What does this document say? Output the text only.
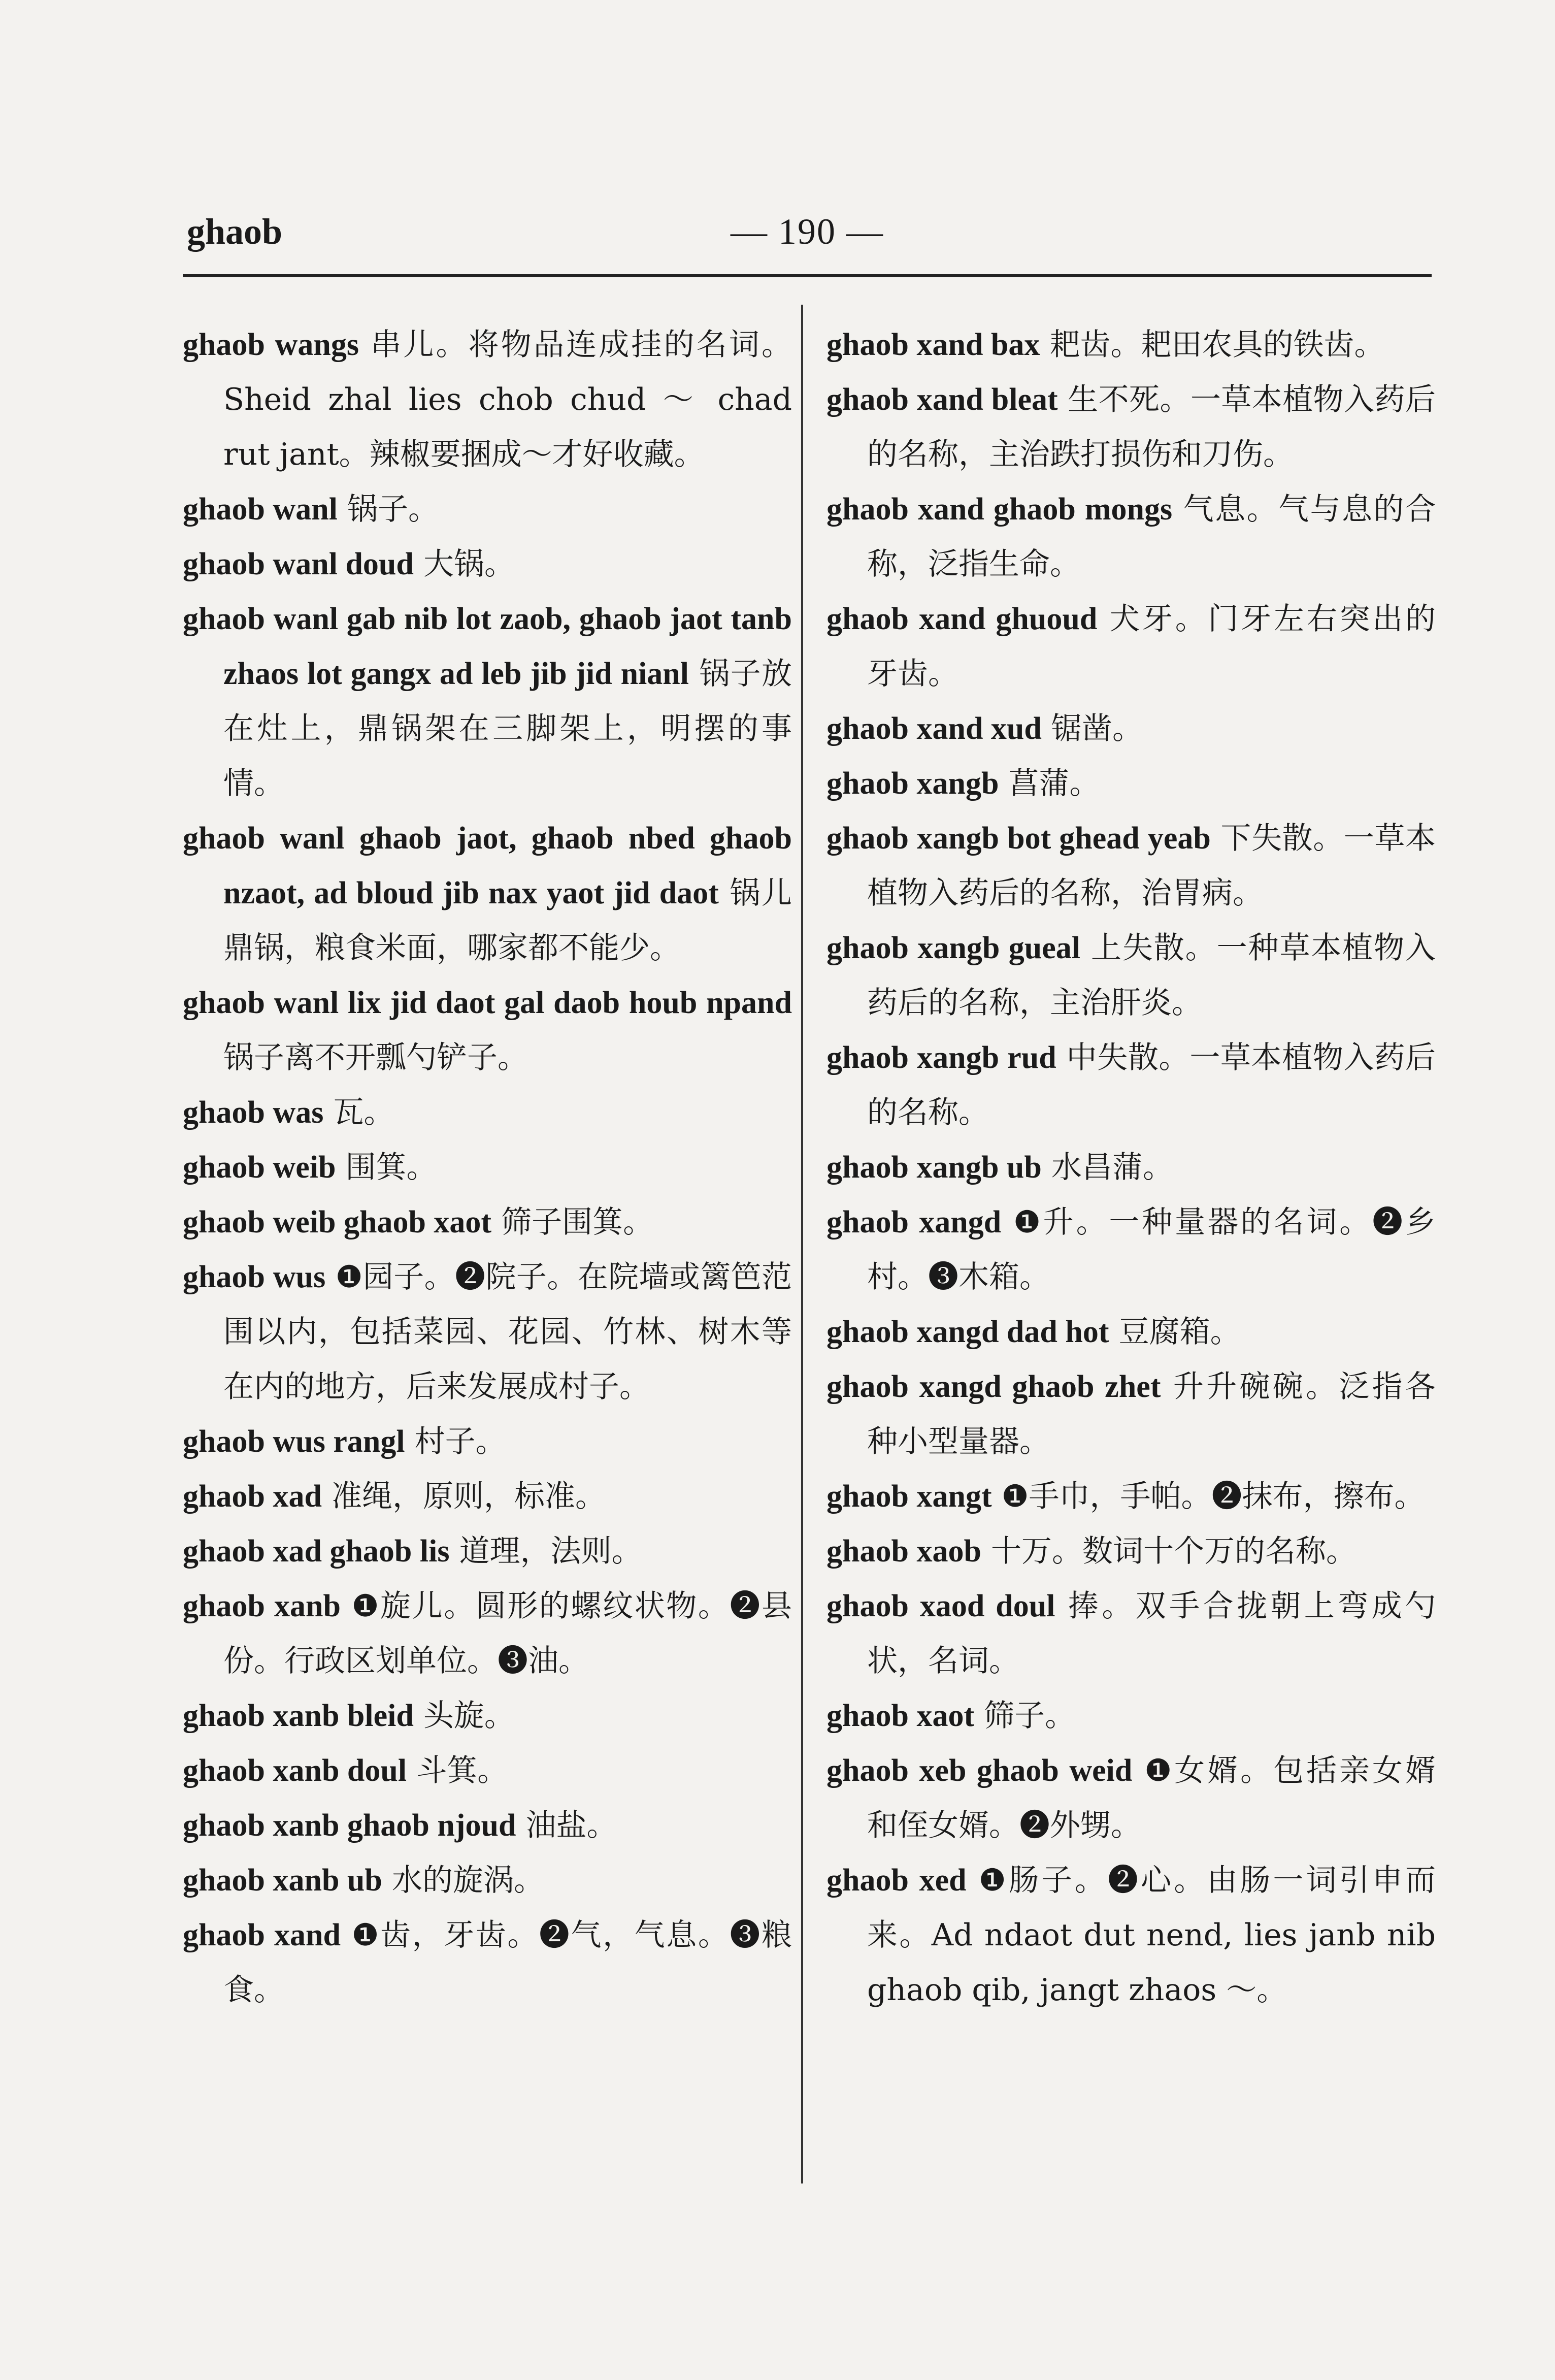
ghaob	— 190 —
ghaob wangs 串儿。将物品连成挂的名词。Sheid zhal lies chob chud ～ chad rut jant。辣椒要捆成～才好收藏。
ghaob wanl 锅子。
ghaob wanl doud 大锅。
ghaob wanl gab nib lot zaob, ghaob jaot tanb zhaos lot gangx ad leb jib jid nianl 锅子放在灶上，鼎锅架在三脚架上，明摆的事情。
ghaob wanl ghaob jaot, ghaob nbed ghaob nzaot, ad bloud jib nax yaot jid daot 锅儿鼎锅，粮食米面，哪家都不能少。
ghaob wanl lix jid daot gal daob houb npand 锅子离不开瓢勺铲子。
ghaob was 瓦。
ghaob weib 围箕。
ghaob weib ghaob xaot 筛子围箕。
ghaob wus ❶园子。❷院子。在院墙或篱笆范围以内，包括菜园、花园、竹林、树木等在内的地方，后来发展成村子。
ghaob wus rangl 村子。
ghaob xad 准绳，原则，标准。
ghaob xad ghaob lis 道理，法则。
ghaob xanb ❶旋儿。圆形的螺纹状物。❷县份。行政区划单位。❸油。
ghaob xanb bleid 头旋。
ghaob xanb doul 斗箕。
ghaob xanb ghaob njoud 油盐。
ghaob xanb ub 水的旋涡。
ghaob xand ❶齿，牙齿。❷气，气息。❸粮食。
ghaob xand bax 耙齿。耙田农具的铁齿。
ghaob xand bleat 生不死。一草本植物入药后的名称，主治跌打损伤和刀伤。
ghaob xand ghaob mongs 气息。气与息的合称，泛指生命。
ghaob xand ghuoud 犬牙。门牙左右突出的牙齿。
ghaob xand xud 锯凿。
ghaob xangb 菖蒲。
ghaob xangb bot ghead yeab 下失散。一草本植物入药后的名称，治胃病。
ghaob xangb gueal 上失散。一种草本植物入药后的名称，主治肝炎。
ghaob xangb rud 中失散。一草本植物入药后的名称。
ghaob xangb ub 水昌蒲。
ghaob xangd ❶升。一种量器的名词。❷乡村。❸木箱。
ghaob xangd dad hot 豆腐箱。
ghaob xangd ghaob zhet 升升碗碗。泛指各种小型量器。
ghaob xangt ❶手巾，手帕。❷抹布，擦布。
ghaob xaob 十万。数词十个万的名称。
ghaob xaod doul 捧。双手合拢朝上弯成勺状，名词。
ghaob xaot 筛子。
ghaob xeb ghaob weid ❶女婿。包括亲女婿和侄女婿。❷外甥。
ghaob xed ❶肠子。❷心。由肠一词引申而来。Ad ndaot dut nend, lies janb nib ghaob qib, jangt zhaos ～。
